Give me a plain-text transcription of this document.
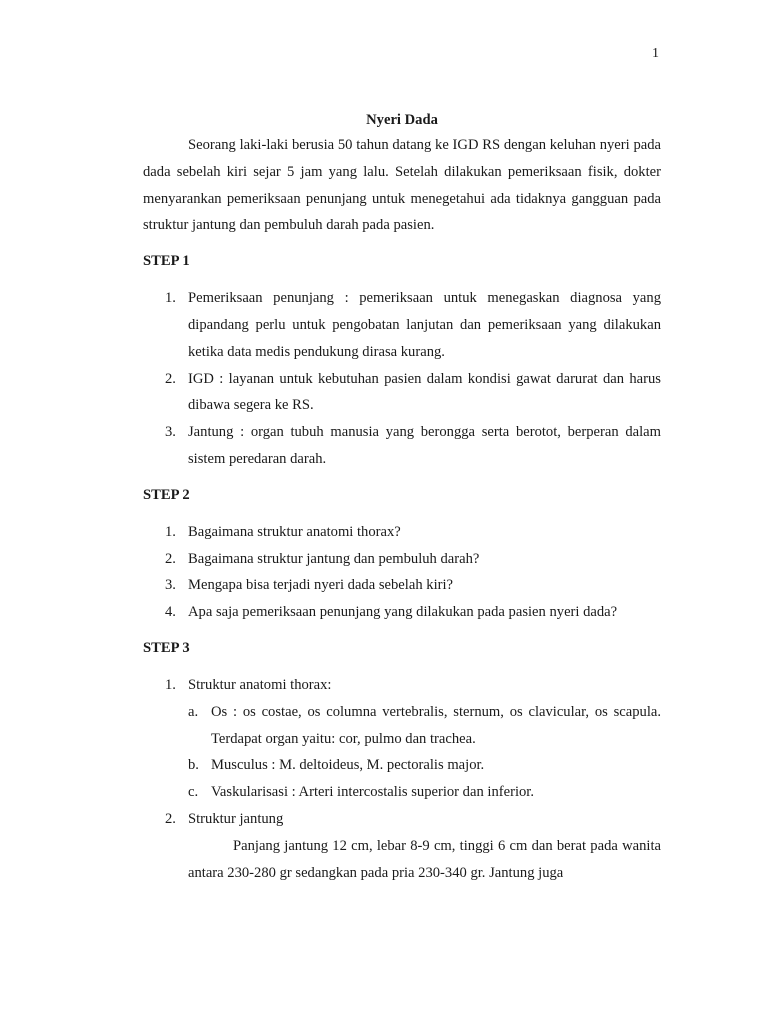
1
Nyeri Dada

Seorang laki-laki berusia 50 tahun datang ke IGD RS dengan keluhan nyeri pada dada sebelah kiri sejar 5 jam yang lalu. Setelah dilakukan pemeriksaan fisik, dokter menyarankan pemeriksaan penunjang untuk menegetahui ada tidaknya gangguan pada struktur jantung dan pembuluh darah pada pasien.

STEP 1
1. Pemeriksaan penunjang : pemeriksaan untuk menegaskan diagnosa yang dipandang perlu untuk pengobatan lanjutan dan pemeriksaan yang dilakukan ketika data medis pendukung dirasa kurang.
2. IGD : layanan untuk kebutuhan pasien dalam kondisi gawat darurat dan harus dibawa segera ke RS.
3. Jantung : organ tubuh manusia yang berongga serta berotot, berperan dalam sistem peredaran darah.
STEP 2
1. Bagaimana struktur anatomi thorax?
2. Bagaimana struktur jantung dan pembuluh darah?
3. Mengapa bisa terjadi nyeri dada sebelah kiri?
4. Apa saja pemeriksaan penunjang yang dilakukan pada pasien nyeri dada?
STEP 3
1. Struktur anatomi thorax:
a. Os : os costae, os columna vertebralis, sternum, os clavicular, os scapula. Terdapat organ yaitu: cor, pulmo dan trachea.
b. Musculus : M. deltoideus, M. pectoralis major.
c. Vaskularisasi : Arteri intercostalis superior dan inferior.
2. Struktur jantung

Panjang jantung 12 cm, lebar 8-9 cm, tinggi 6 cm dan berat pada wanita antara 230-280 gr sedangkan pada pria 230-340 gr. Jantung juga
